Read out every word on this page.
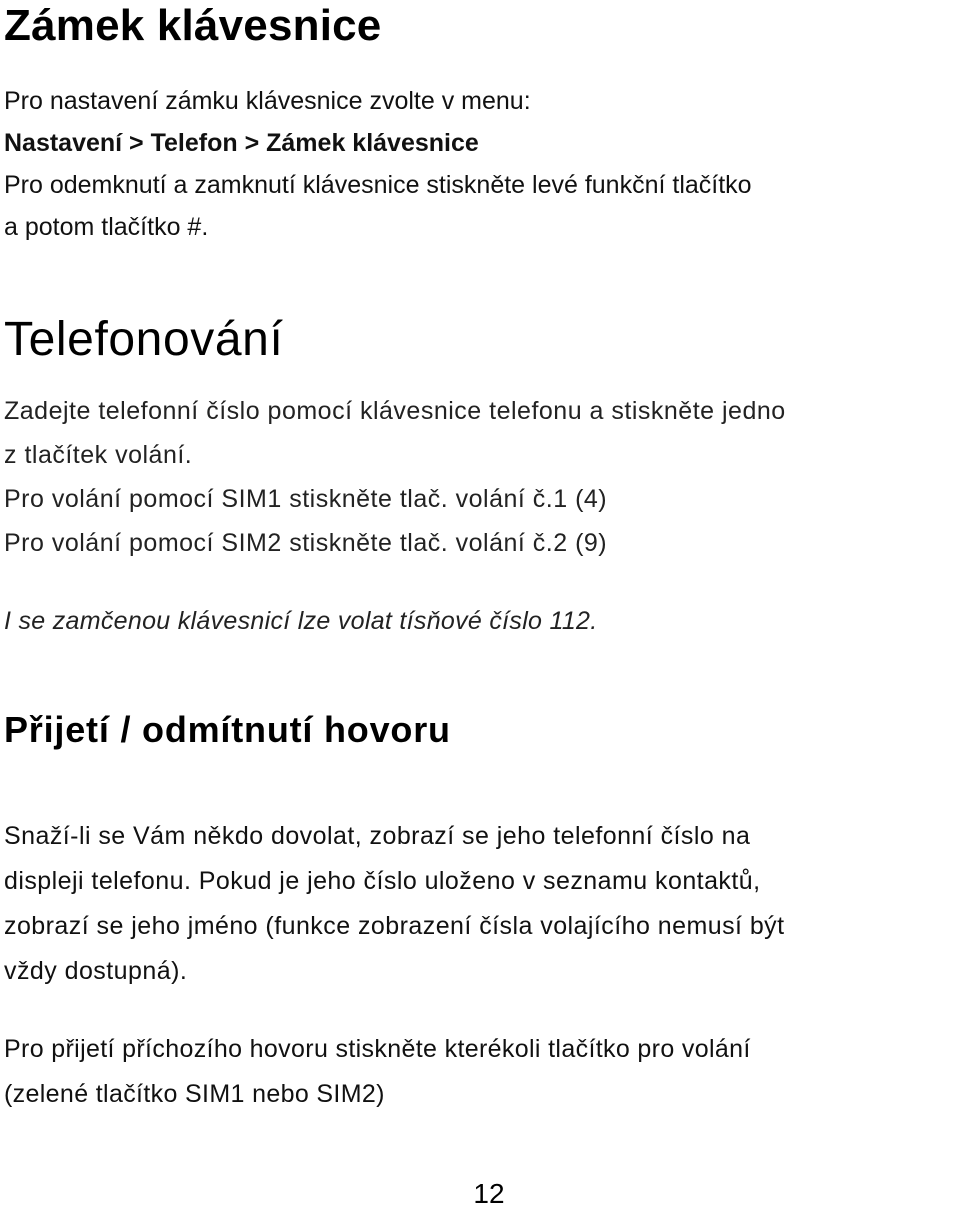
Zámek klávesnice
Pro nastavení zámku klávesnice zvolte v menu:
Nastavení > Telefon > Zámek klávesnice
Pro odemknutí a zamknutí klávesnice stiskněte levé funkční tlačítko
a potom tlačítko #.
Telefonování
Zadejte telefonní číslo pomocí klávesnice telefonu a stiskněte jedno
z tlačítek volání.
Pro volání pomocí SIM1 stiskněte tlač. volání č.1 (4)
Pro volání pomocí SIM2 stiskněte tlač. volání č.2 (9)

I se zamčenou klávesnicí lze volat tísňové číslo 112.

Přijetí / odmítnutí hovoru
Snaží-li se Vám někdo dovolat, zobrazí se jeho telefonní číslo na
displeji telefonu. Pokud je jeho číslo uloženo v seznamu kontaktů,
zobrazí se jeho jméno (funkce zobrazení čísla volajícího nemusí být
vždy dostupná).
Pro přijetí příchozího hovoru stiskněte kterékoli tlačítko pro volání
(zelené tlačítko SIM1 nebo SIM2)
12
